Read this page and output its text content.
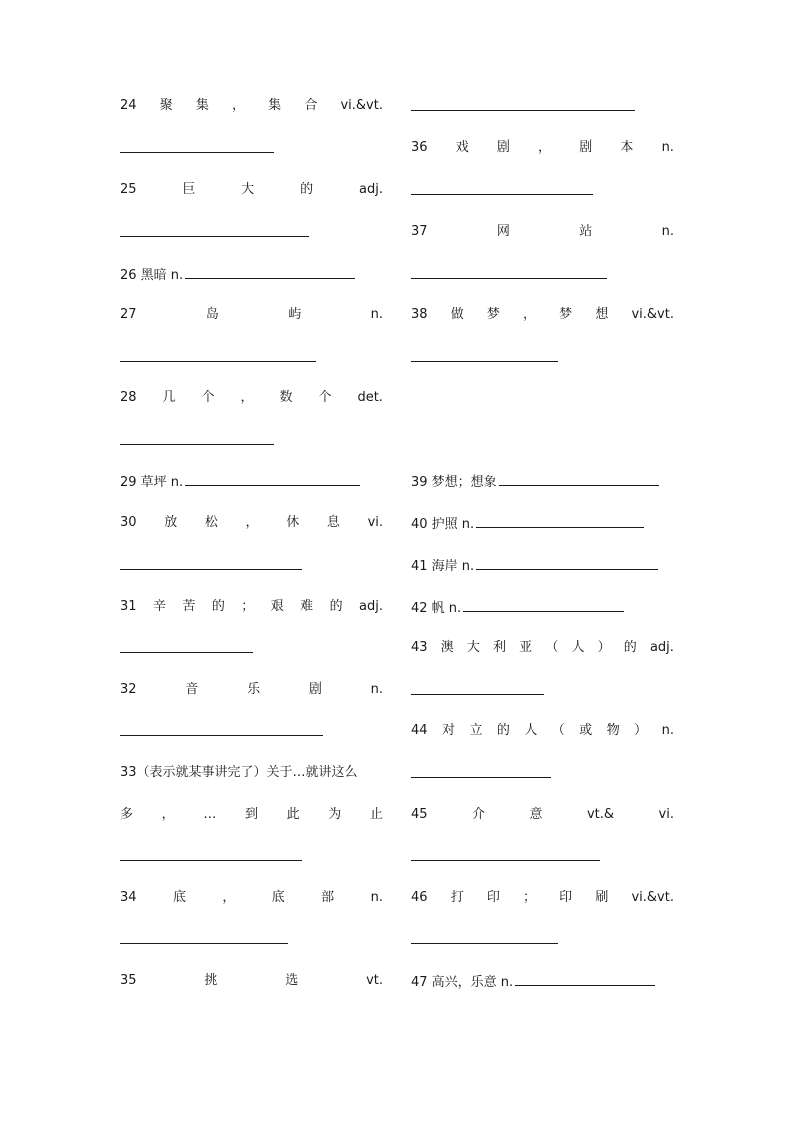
24 聚 集 ， 集 合 vi.&vt.
25	巨	大	的	adj.
26 黑暗 n.
27	岛	屿	n.
28 几 个 ， 数 个 det.
29 草坪 n.
30 放 松 ， 休 息 vi.
31 辛 苦 的 ； 艰 难 的 adj.
32	音	乐	剧	n.
33（表示就某事讲完了）关于…就讲这么
多 ， … 到 此 为 止
34	底	，	底	部	n.
35	挑	选	vt.
36 戏 剧 ， 剧 本 n.
37	网	站	n.
38 做 梦 ， 梦 想 vi.&vt.
39 梦想；想象
40 护照 n.
41 海岸 n.
42 帆 n.
43 澳 大 利 亚 （ 人 ） 的 adj.
44 对 立 的 人 （ 或 物 ） n.
45	介	意	vt.&	vi.
46 打 印 ； 印 刷 vi.&vt.
47 高兴，乐意 n.
